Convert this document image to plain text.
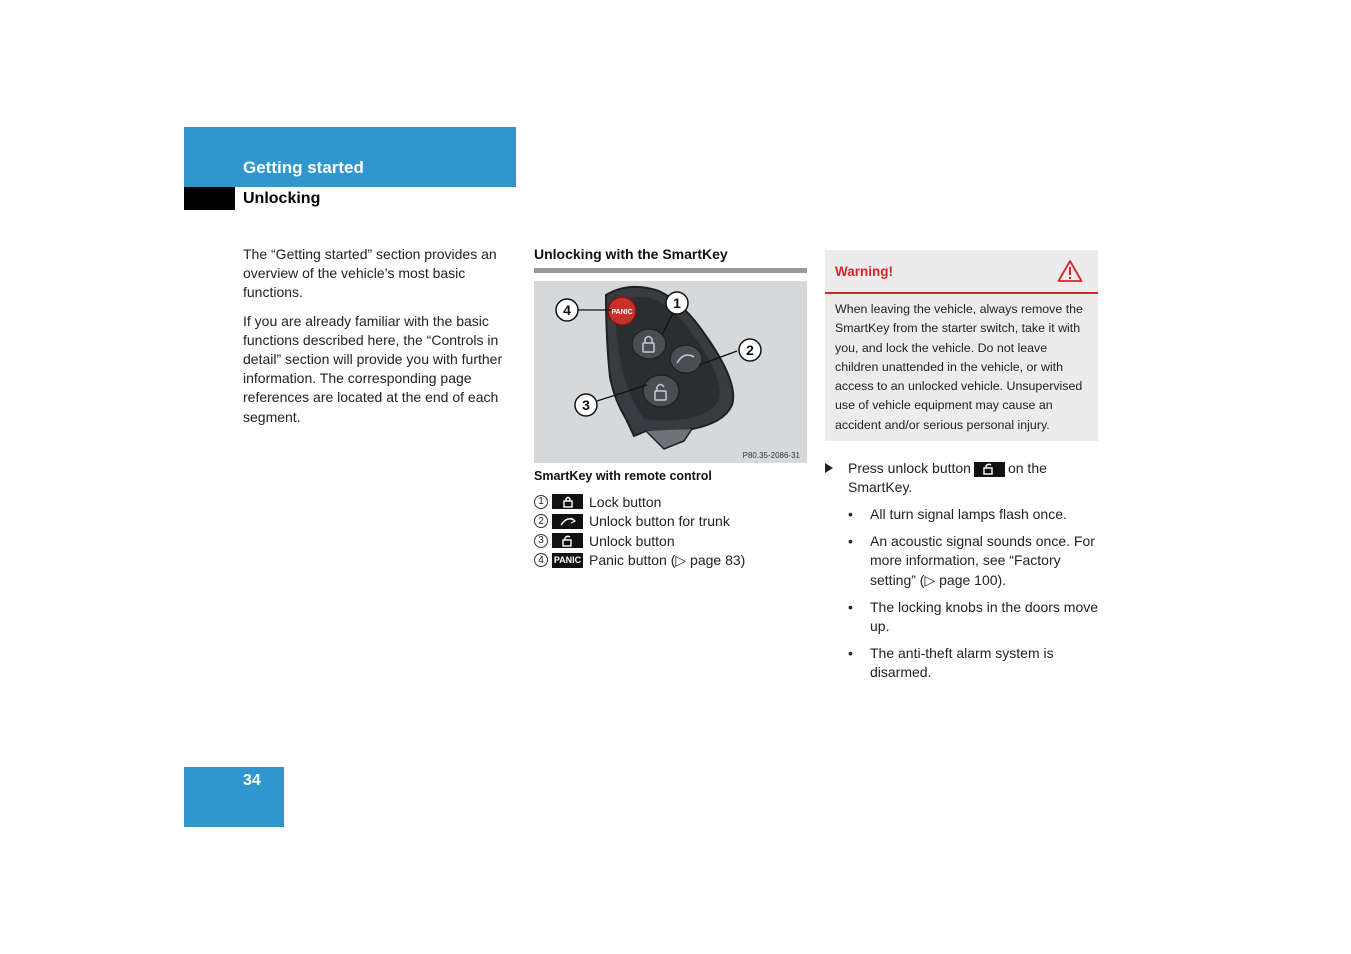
Getting started
Unlocking

The “Getting started” section provides an overview of the vehicle’s most basic functions.

If you are already familiar with the basic functions described here, the “Controls in detail” section will provide you with further information. The corresponding page references are located at the end of each segment.

Unlocking with the SmartKey
PANIC
4	1
2
3
P80.35-2086-31
SmartKey with remote control
1	Lock button
2	Unlock button for trunk
3	Unlock button
4	PANIC Panic button (▷ page 83)
Warning!
When leaving the vehicle, always remove the SmartKey from the starter switch, take it with you, and lock the vehicle. Do not leave children unattended in the vehicle, or with access to an unlocked vehicle. Unsupervised use of vehicle equipment may cause an accident and/or serious personal injury.
Press unlock button	on the SmartKey.
• All turn signal lamps flash once.
• An acoustic signal sounds once. For more information, see “Factory setting” (▷ page 100).
• The locking knobs in the doors move up.
• The anti-theft alarm system is disarmed.
34
